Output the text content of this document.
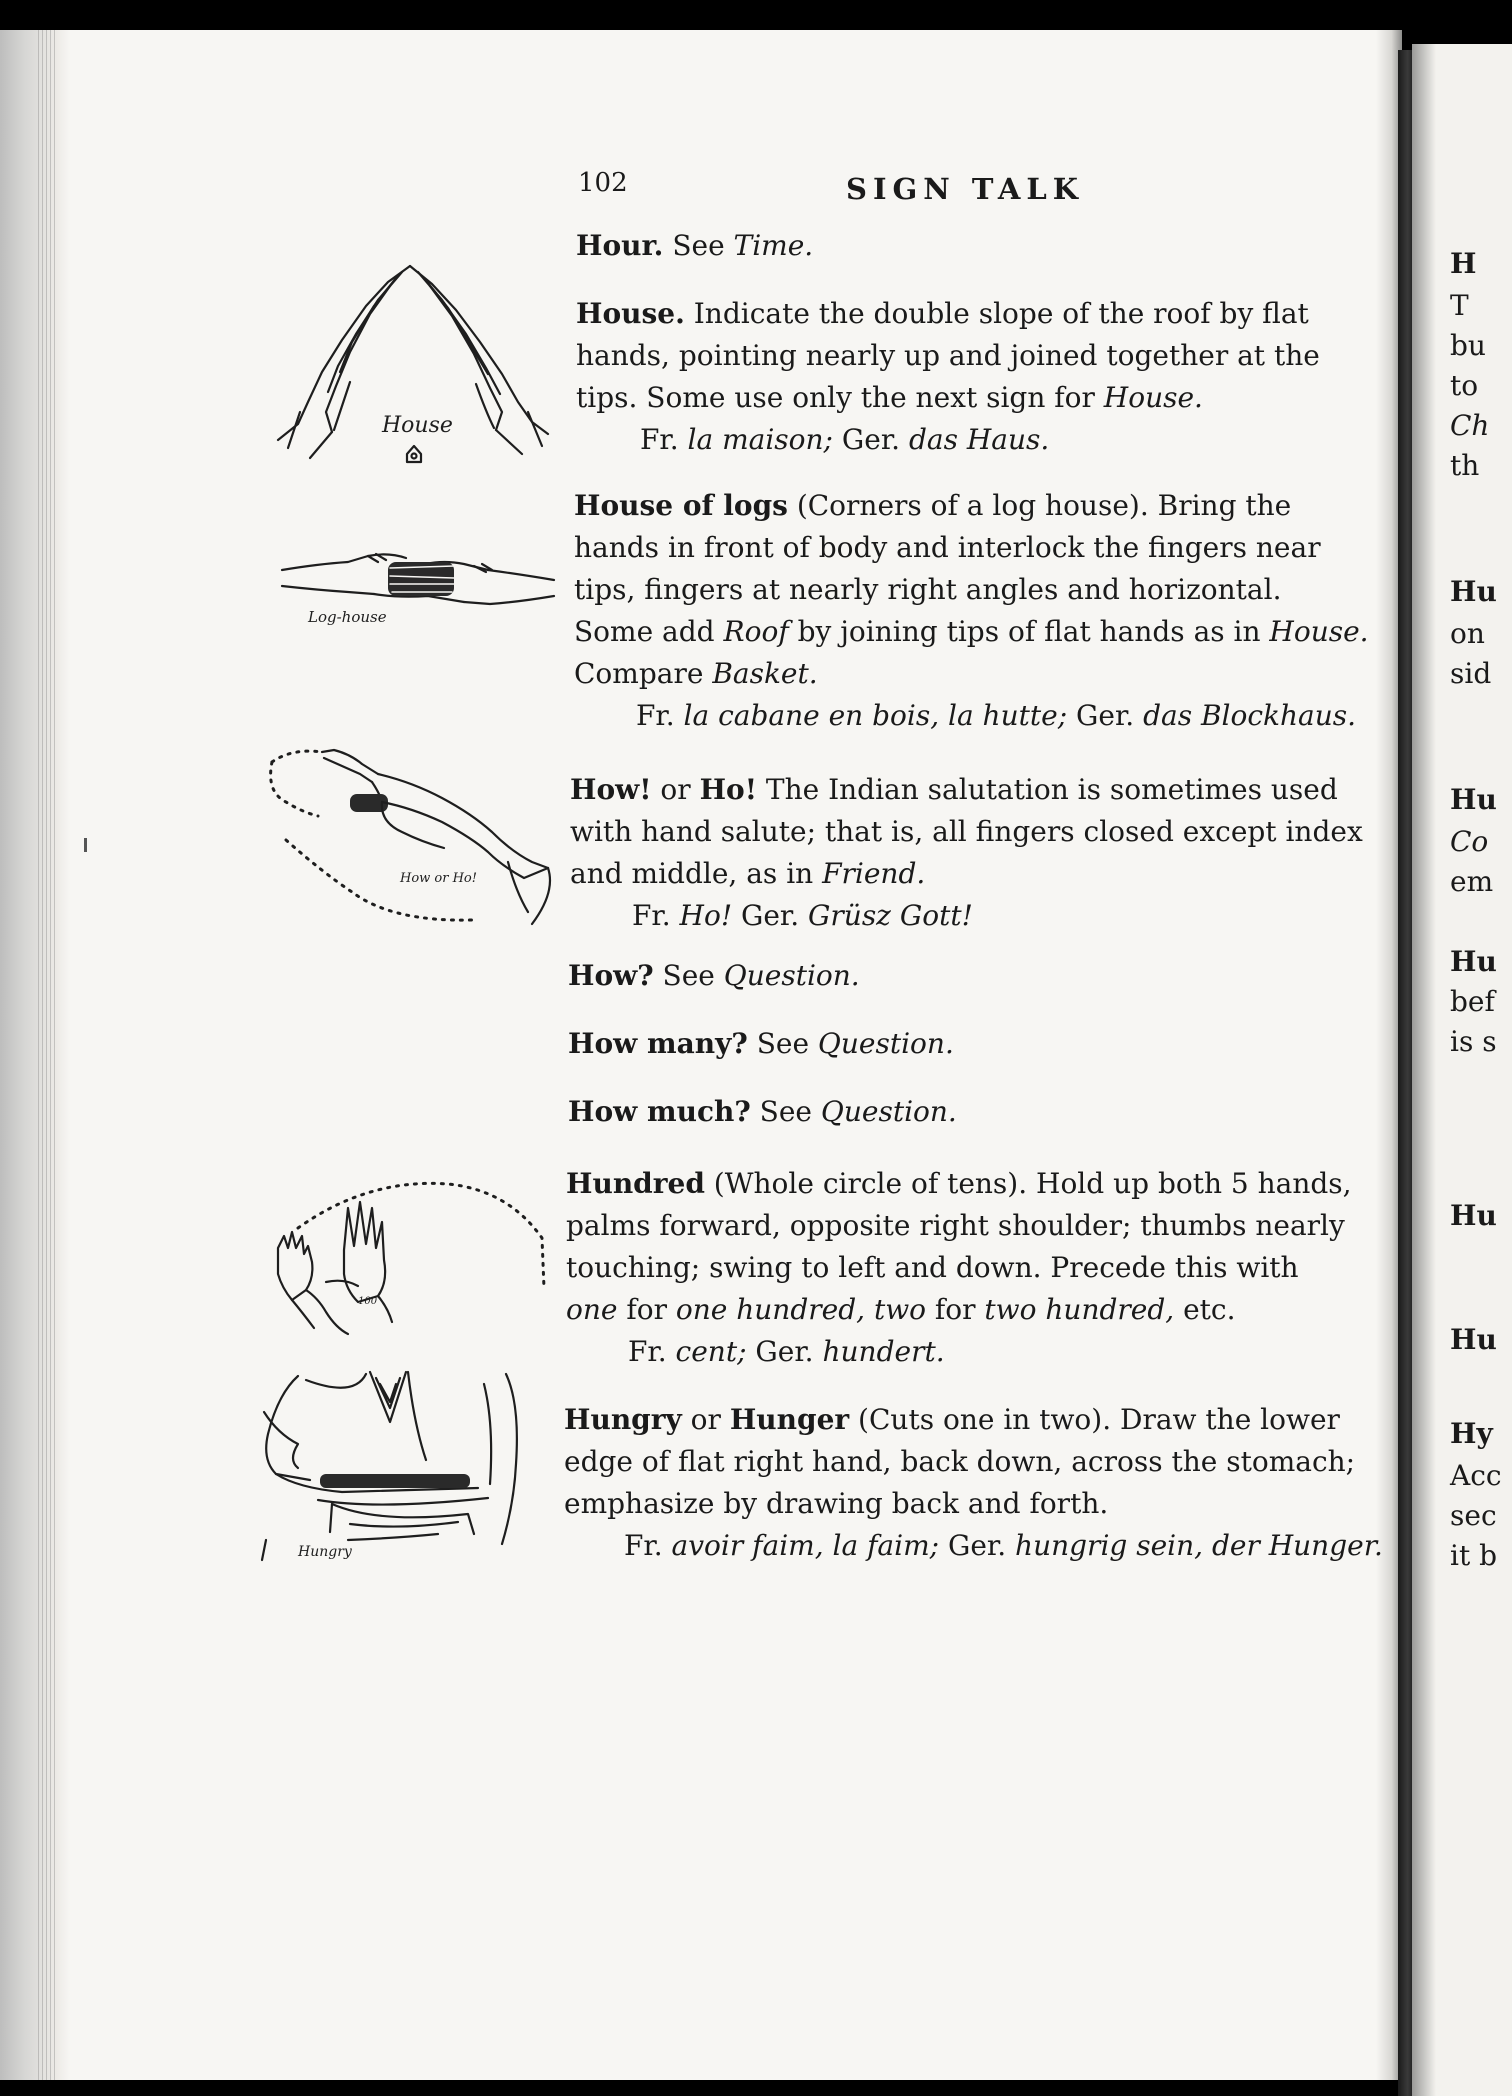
H
T
bu
to
Ch
th
Hu
on
sid
Hu
Co
em
Hu
bef
is s
Hu
Hu
Hy
Acc
sec
it b
102	SIGN TALK
Hour. See Time.
House. Indicate the double slope of the roof by flat
hands, pointing nearly up and joined together at the
tips. Some use only the next sign for House.
Fr. la maison; Ger. das Haus.
House of logs (Corners of a log house). Bring the
hands in front of body and interlock the fingers near
tips, fingers at nearly right angles and horizontal.
Some add Roof by joining tips of flat hands as in House.
Compare Basket.
Fr. la cabane en bois, la hutte; Ger. das Blockhaus.
How! or Ho! The Indian salutation is sometimes used
with hand salute; that is, all fingers closed except index
and middle, as in Friend.
Fr. Ho! Ger. Grüsz Gott!
How? See Question.
How many? See Question.
How much? See Question.
Hundred (Whole circle of tens). Hold up both 5 hands,
palms forward, opposite right shoulder; thumbs nearly
touching; swing to left and down. Precede this with
one for one hundred, two for two hundred, etc.
Fr. cent; Ger. hundert.
Hungry or Hunger (Cuts one in two). Draw the lower
edge of flat right hand, back down, across the stomach;
emphasize by drawing back and forth.
Fr. avoir faim, la faim; Ger. hungrig sein, der Hunger.
House
Log-house
How or Ho!
100
Hungry
